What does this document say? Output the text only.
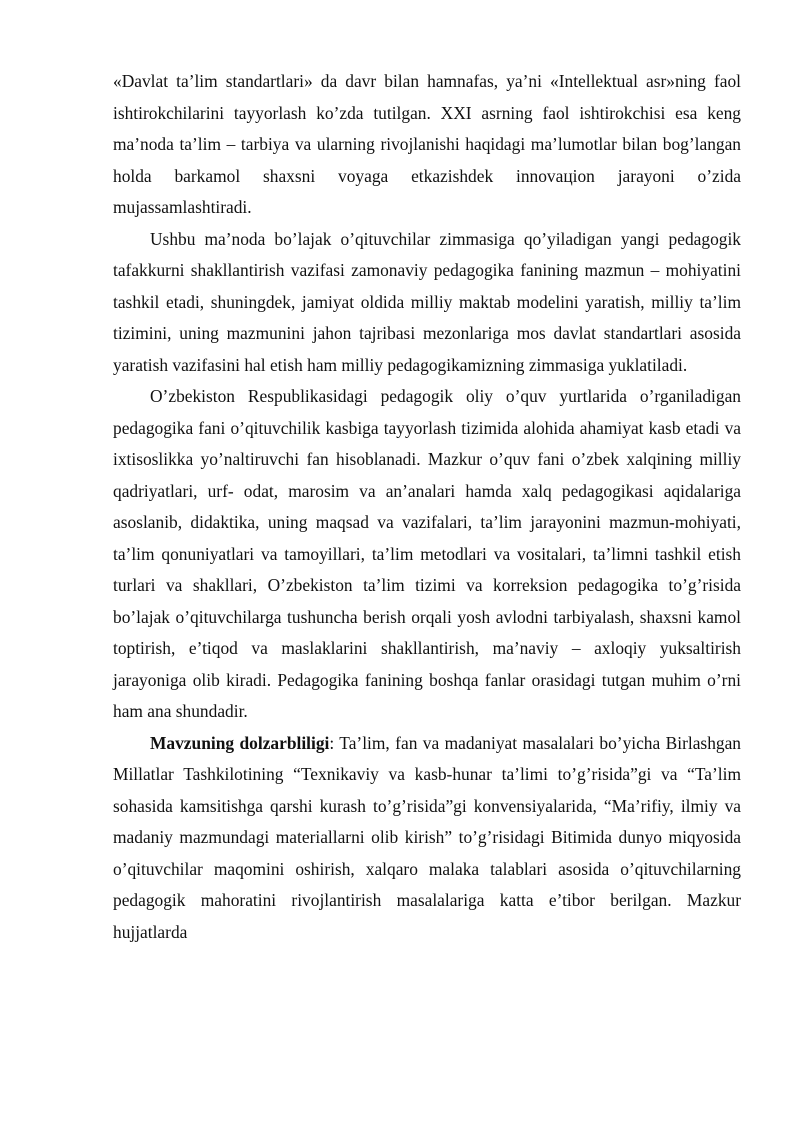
«Davlat ta’lim standartlari» da davr bilan hamnafas, ya’ni «Intellektual asr»ning faol ishtirokchilarini tayyorlash ko’zda tutilgan. XXI asrning faol ishtirokchisi esa keng ma’noda ta’lim – tarbiya va ularning rivojlanishi haqidagi ma’lumotlar bilan bog’langan holda barkamol shaxsni voyaga etkazishdek innovaцion jarayoni o’zida mujassamlashtiradi.

Ushbu ma’noda bo’lajak o’qituvchilar zimmasiga qo’yiladigan yangi pedagogik tafakkurni shakllantirish vazifasi zamonaviy pedagogika fanining mazmun – mohiyatini tashkil etadi, shuningdek, jamiyat oldida milliy maktab modelini yaratish, milliy ta’lim tizimini, uning mazmunini jahon tajribasi mezonlariga mos davlat standartlari asosida yaratish vazifasini hal etish ham milliy pedagogikamizning zimmasiga yuklatiladi.

O’zbekiston Respublikasidagi pedagogik oliy o’quv yurtlarida o’rganiladigan pedagogika fani o’qituvchilik kasbiga tayyorlash tizimida alohida ahamiyat kasb etadi va ixtisoslikka yo’naltiruvchi fan hisoblanadi. Mazkur o’quv fani o’zbek xalqining milliy qadriyatlari, urf- odat, marosim va an’analari hamda xalq pedagogikasi aqidalariga asoslanib, didaktika, uning maqsad va vazifalari, ta’lim jarayonini mazmun-mohiyati, ta’lim qonuniyatlari va tamoyillari, ta’lim metodlari va vositalari, ta’limni tashkil etish turlari va shakllari, O’zbekiston ta’lim tizimi va korreksion pedagogika to’g’risida bo’lajak o’qituvchilarga tushuncha berish orqali yosh avlodni tarbiyalash, shaxsni kamol toptirish, e’tiqod va maslaklarini shakllantirish, ma’naviy – axloqiy yuksaltirish jarayoniga olib kiradi. Pedagogika fanining boshqa fanlar orasidagi tutgan muhim o’rni ham ana shundadir.

Mavzuning dolzarbliligi: Ta’lim, fan va madaniyat masalalari bo’yicha Birlashgan Millatlar Tashkilotining “Texnikaviy va kasb-hunar ta’limi to’g’risida”gi va “Ta’lim sohasida kamsitishga qarshi kurash to’g’risida”gi konvensiyalarida, “Ma’rifiy, ilmiy va madaniy mazmundagi materiallarni olib kirish” to’g’risidagi Bitimida dunyo miqyosida o’qituvchilar maqomini oshirish, xalqaro malaka talablari asosida o’qituvchilarning pedagogik mahoratini rivojlantirish masalalariga katta e’tibor berilgan. Mazkur hujjatlarda
